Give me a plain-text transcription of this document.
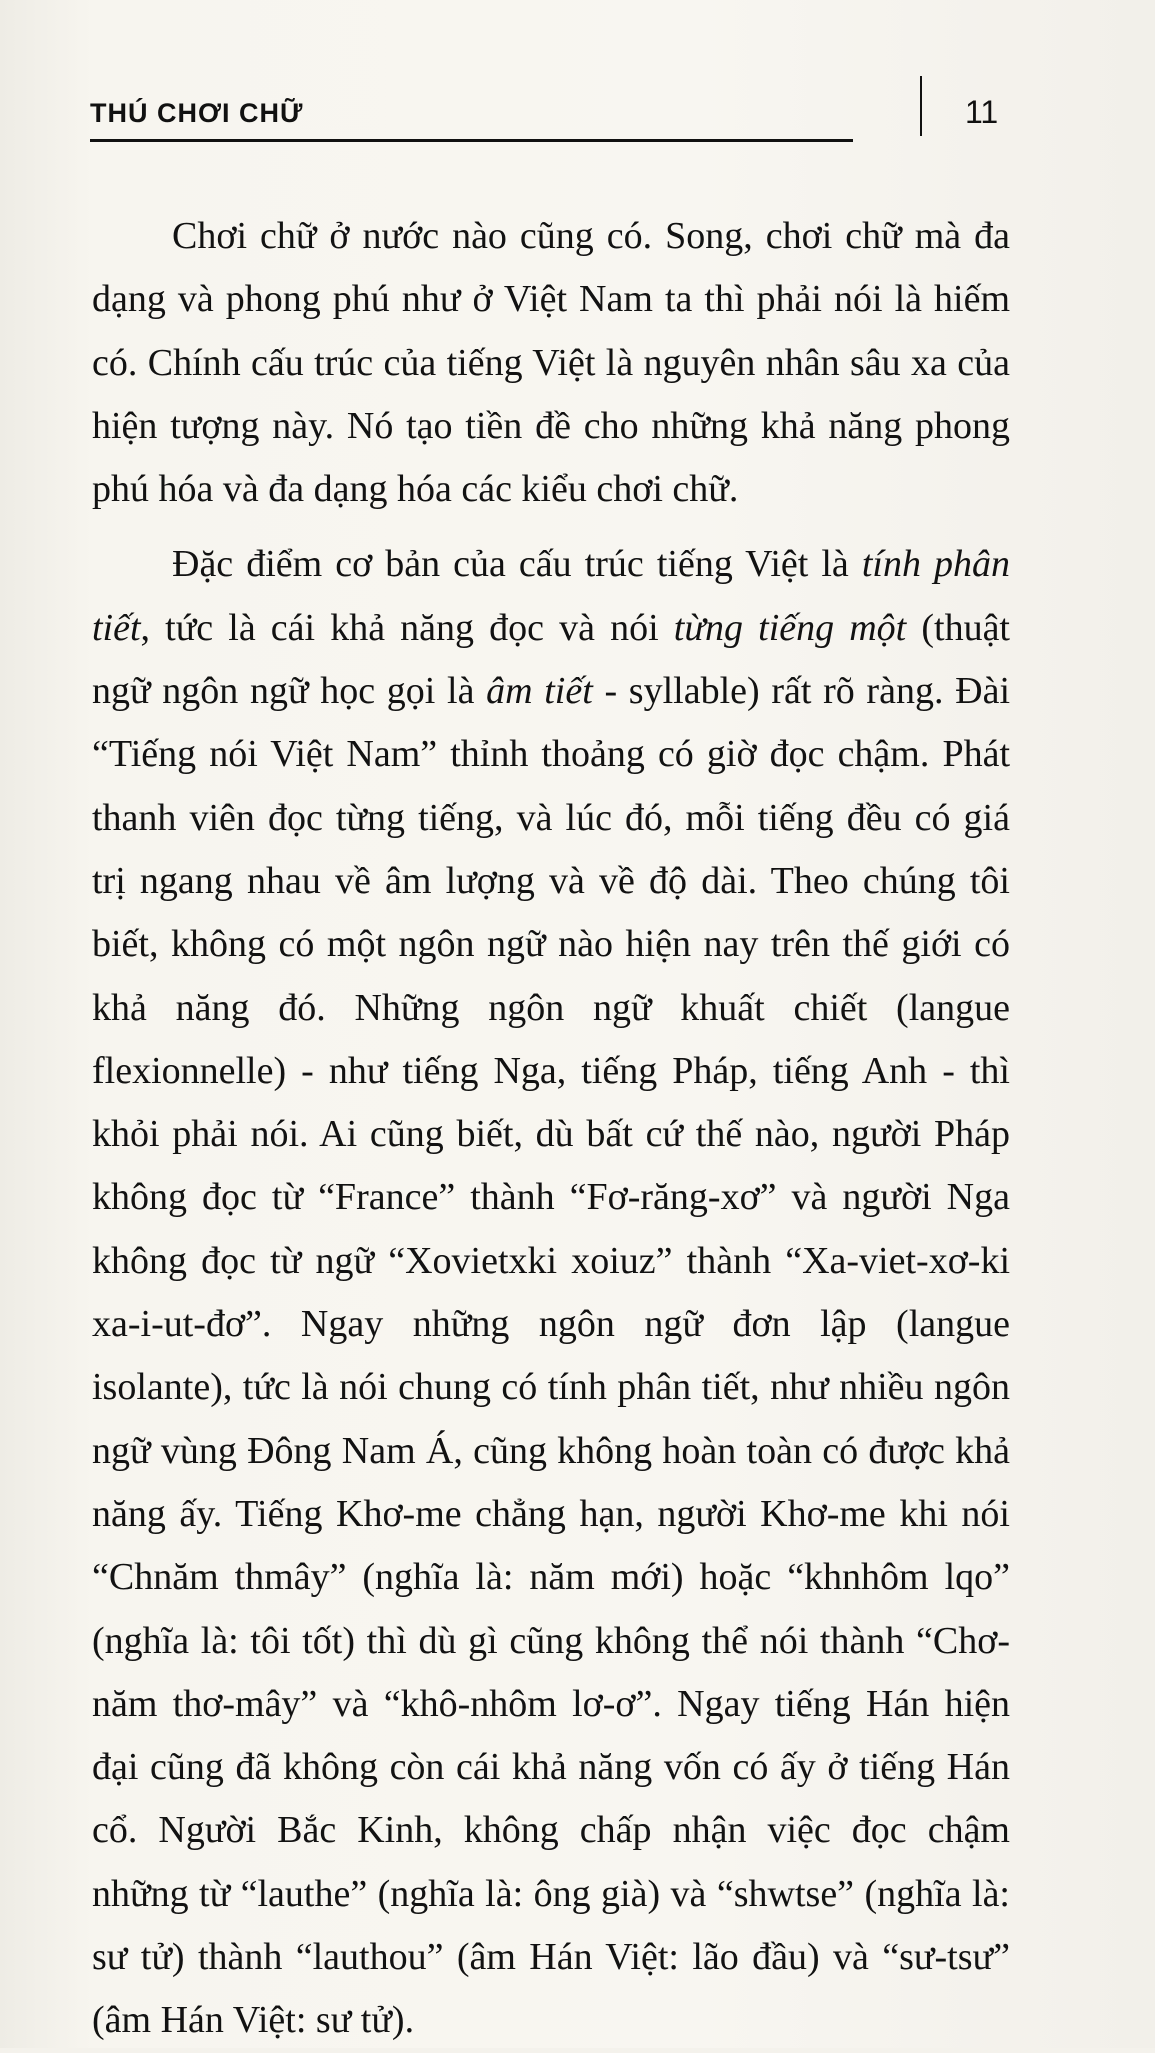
THÚ CHƠI CHỮ	11

Chơi chữ ở nước nào cũng có. Song, chơi chữ mà đa dạng và phong phú như ở Việt Nam ta thì phải nói là hiếm có. Chính cấu trúc của tiếng Việt là nguyên nhân sâu xa của hiện tượng này. Nó tạo tiền đề cho những khả năng phong phú hóa và đa dạng hóa các kiểu chơi chữ.

Đặc điểm cơ bản của cấu trúc tiếng Việt là tính phân tiết, tức là cái khả năng đọc và nói từng tiếng một (thuật ngữ ngôn ngữ học gọi là âm tiết - syllable) rất rõ ràng. Đài “Tiếng nói Việt Nam” thỉnh thoảng có giờ đọc chậm. Phát thanh viên đọc từng tiếng, và lúc đó, mỗi tiếng đều có giá trị ngang nhau về âm lượng và về độ dài. Theo chúng tôi biết, không có một ngôn ngữ nào hiện nay trên thế giới có khả năng đó. Những ngôn ngữ khuất chiết (langue flexionnelle) - như tiếng Nga, tiếng Pháp, tiếng Anh - thì khỏi phải nói. Ai cũng biết, dù bất cứ thế nào, người Pháp không đọc từ “France” thành “Fơ-răng-xơ” và người Nga không đọc từ ngữ “Xovietxki xoiuz” thành “Xa-viet-xơ-ki xa-i-ut-đơ”. Ngay những ngôn ngữ đơn lập (langue isolante), tức là nói chung có tính phân tiết, như nhiều ngôn ngữ vùng Đông Nam Á, cũng không hoàn toàn có được khả năng ấy. Tiếng Khơ-me chẳng hạn, người Khơ-me khi nói “Chnăm thmây” (nghĩa là: năm mới) hoặc “khnhôm lqo” (nghĩa là: tôi tốt) thì dù gì cũng không thể nói thành “Chơ-năm thơ-mây” và “khô-nhôm lơ-ơ”. Ngay tiếng Hán hiện đại cũng đã không còn cái khả năng vốn có ấy ở tiếng Hán cổ. Người Bắc Kinh, không chấp nhận việc đọc chậm những từ “lauthe” (nghĩa là: ông già) và “shwtse” (nghĩa là: sư tử) thành “lauthou” (âm Hán Việt: lão đầu) và “sư-tsư” (âm Hán Việt: sư tử).
